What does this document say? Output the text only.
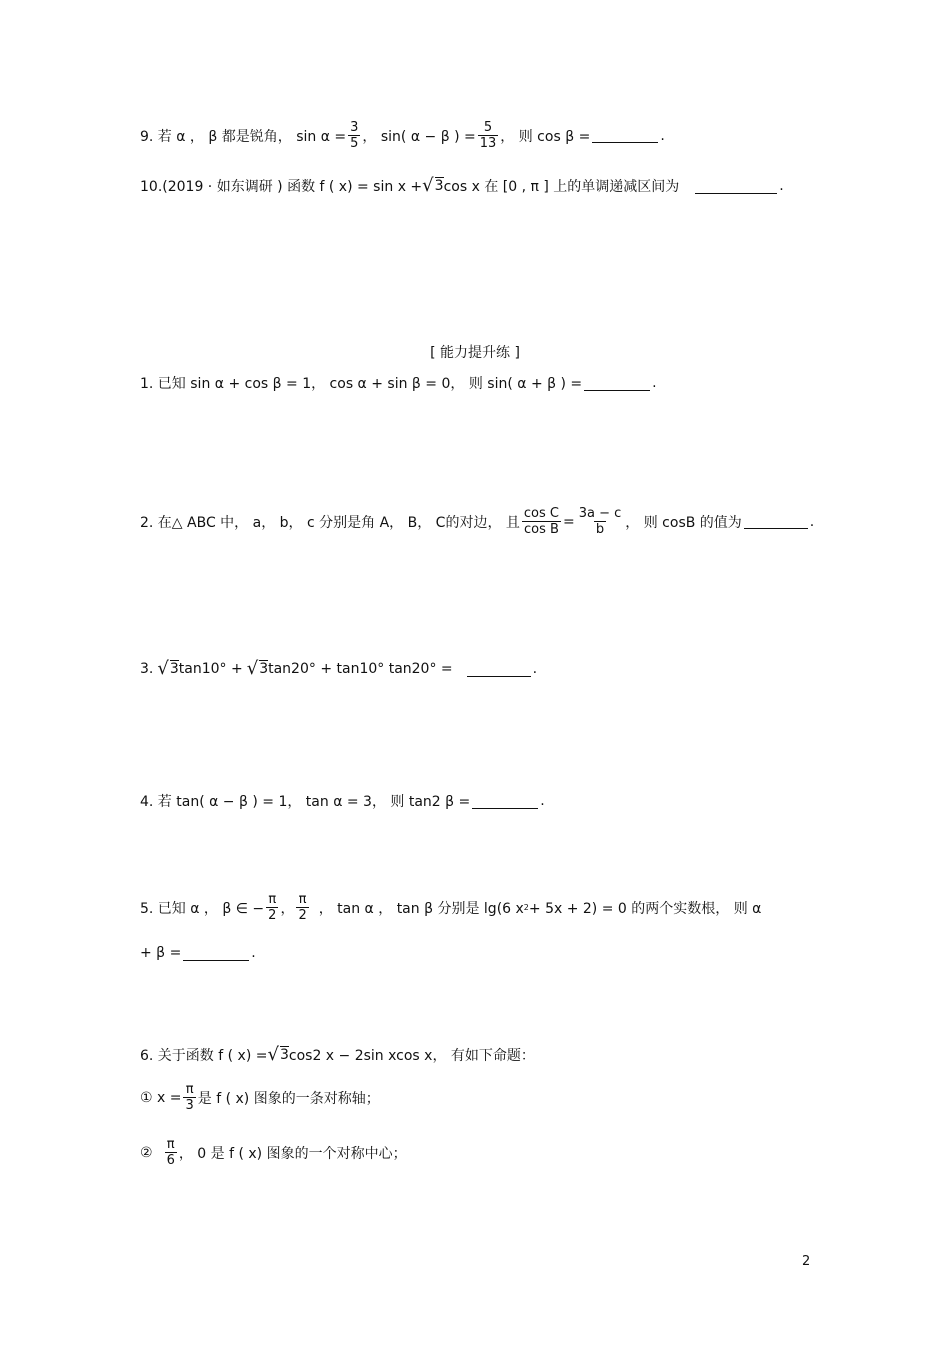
9. 若 α ， β 都是锐角， $\sin \alpha = \frac{3}{5}$ ， sin( α − β ) = $\frac{5}{13}$ ， 则 cos β =	.
10.(2019 · 如东调研 ) 函数 f ( x) = sin x + √ 3 cos x 在 [0 , π ] 上的单调递减区间为	.
[ 能力提升练 ]
1. 已知 sin α + cos β = 1， cos α + sin β = 0， 则 sin( α + β ) =	.
2. 在△ ABC 中， a， b， c 分别是角 A， B， C的对边， 且 $\frac{\text{cos C}}{\text{cos B}} = \frac{3a - c}{b}$ ， 则 cosB 的值为	.
3. √ 3 tan10° + √ 3 tan20° + tan10° tan20° =	.
4. 若 tan( α − β ) = 1， tan α = 3， 则 tan2 β =	.
5. 已知 α ， β ∈ − $\frac{\pi}{2}$ ， $\frac{\pi}{2}$ ， tan α ， tan β 分别是 lg(6 x 2 + 5x + 2) = 0 的两个实数根， 则 α
+ β =	.
6. 关于函数 f ( x) = √ 3 cos2 x − 2sin xcos x， 有如下命题：
① $x = \frac{\pi}{3}$ 是 f ( x) 图象的一条对称轴；
② $\frac{\pi}{6}$ ， 0 是 f ( x) 图象的一个对称中心；
2
